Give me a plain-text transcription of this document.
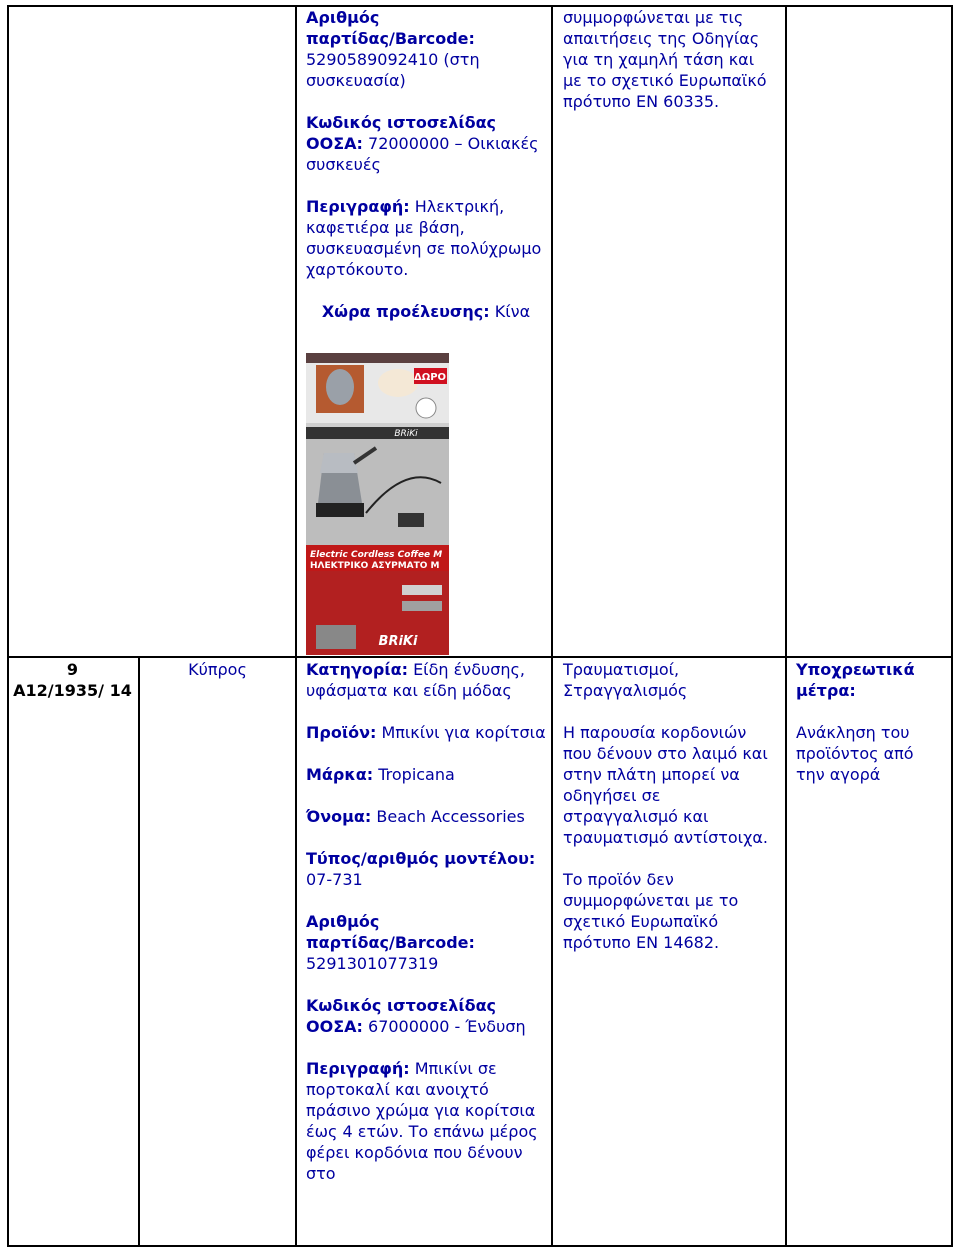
Αριθμός παρτίδας/Barcode: 5290589092410 (στη συσκευασία)
Κωδικός ιστοσελίδας ΟΟΣΑ: 72000000 – Οικιακές συσκευές
Περιγραφή: Ηλεκτρική, καφετιέρα με βάση, συσκευασμένη σε πολύχρωμο χαρτόκουτο.
Χώρα προέλευσης: Κίνα
συμμορφώνεται με τις απαιτήσεις της Οδηγίας για τη χαμηλή τάση και με το σχετικό Ευρωπαϊκό πρότυπο ΕΝ 60335.
ΔΩΡΟ
BRiKi
Electric Cordless Coffee M
ΗΛΕΚΤΡΙΚΟ ΑΣΥΡΜΑΤΟ Μ
BRiKi
9
A12/1935/ 14
Κύπρος	Κατηγορία: Είδη ένδυσης, υφάσματα και είδη μόδας
Προϊόν: Μπικίνι για κορίτσια
Μάρκα: Tropicana
Όνομα: Beach Accessories
Τύπος/αριθμός μοντέλου: 07-731
Αριθμός παρτίδας/Barcode: 5291301077319
Κωδικός ιστοσελίδας ΟΟΣΑ: 67000000 - Ένδυση
Περιγραφή: Μπικίνι σε πορτοκαλί και ανοιχτό πράσινο χρώμα για κορίτσια έως 4 ετών. Το επάνω μέρος φέρει κορδόνια που δένουν στο
Τραυματισμοί, Στραγγαλισμός
Η παρουσία κορδονιών που δένουν στο λαιμό και στην πλάτη μπορεί να οδηγήσει σε στραγγαλισμό και τραυματισμό αντίστοιχα.
Το προϊόν δεν συμμορφώνεται με το σχετικό Ευρωπαϊκό πρότυπο ΕΝ 14682.
Υποχρεωτικά μέτρα:
Ανάκληση του προϊόντος από την αγορά
